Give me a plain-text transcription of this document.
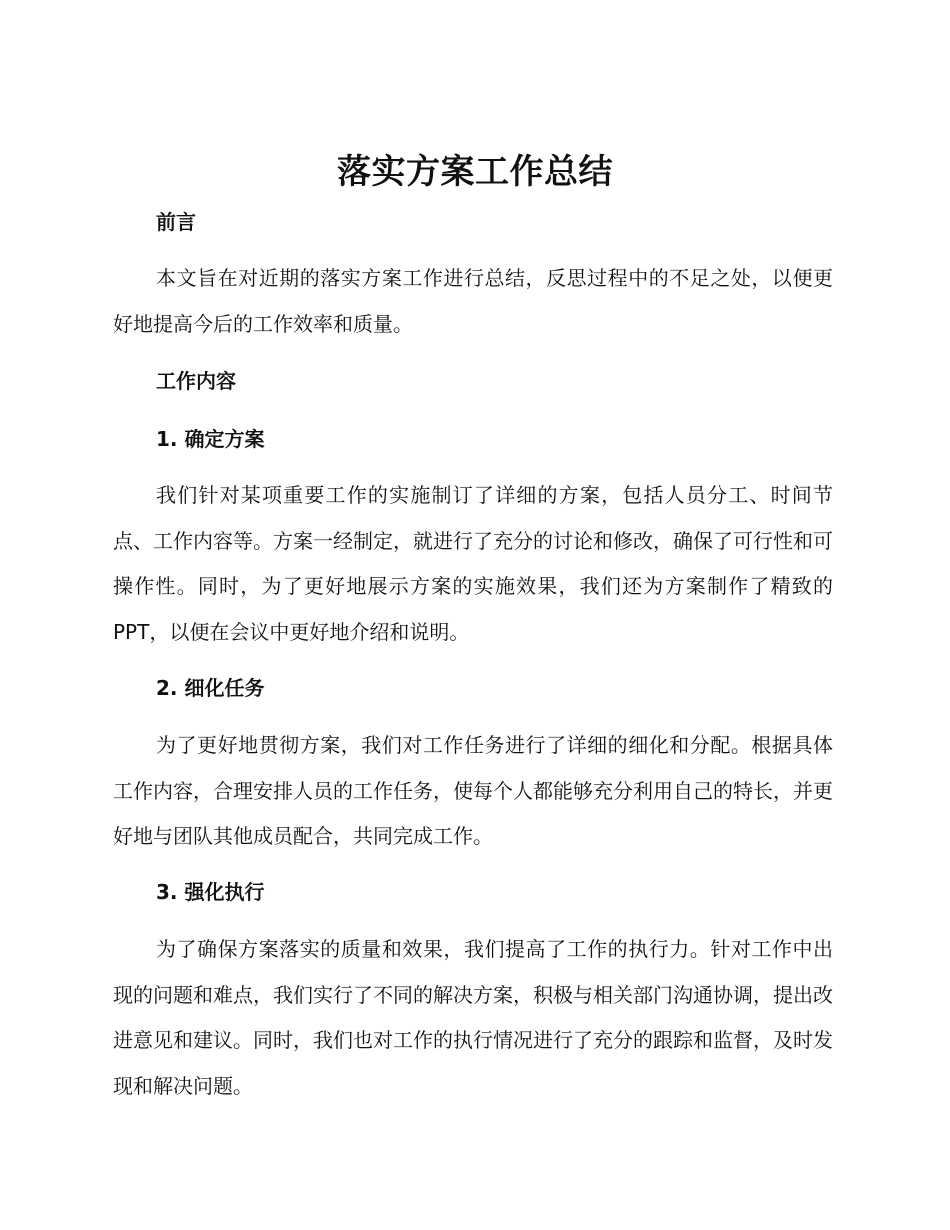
落实方案工作总结
前言

本文旨在对近期的落实方案工作进行总结，反思过程中的不足之处，以便更好地提高今后的工作效率和质量。

工作内容
1. 确定方案

我们针对某项重要工作的实施制订了详细的方案，包括人员分工、时间节点、工作内容等。方案一经制定，就进行了充分的讨论和修改，确保了可行性和可操作性。同时，为了更好地展示方案的实施效果，我们还为方案制作了精致的 PPT，以便在会议中更好地介绍和说明。

2. 细化任务

为了更好地贯彻方案，我们对工作任务进行了详细的细化和分配。根据具体工作内容，合理安排人员的工作任务，使每个人都能够充分利用自己的特长，并更好地与团队其他成员配合，共同完成工作。

3. 强化执行

为了确保方案落实的质量和效果，我们提高了工作的执行力。针对工作中出现的问题和难点，我们实行了不同的解决方案，积极与相关部门沟通协调，提出改进意见和建议。同时，我们也对工作的执行情况进行了充分的跟踪和监督，及时发现和解决问题。
